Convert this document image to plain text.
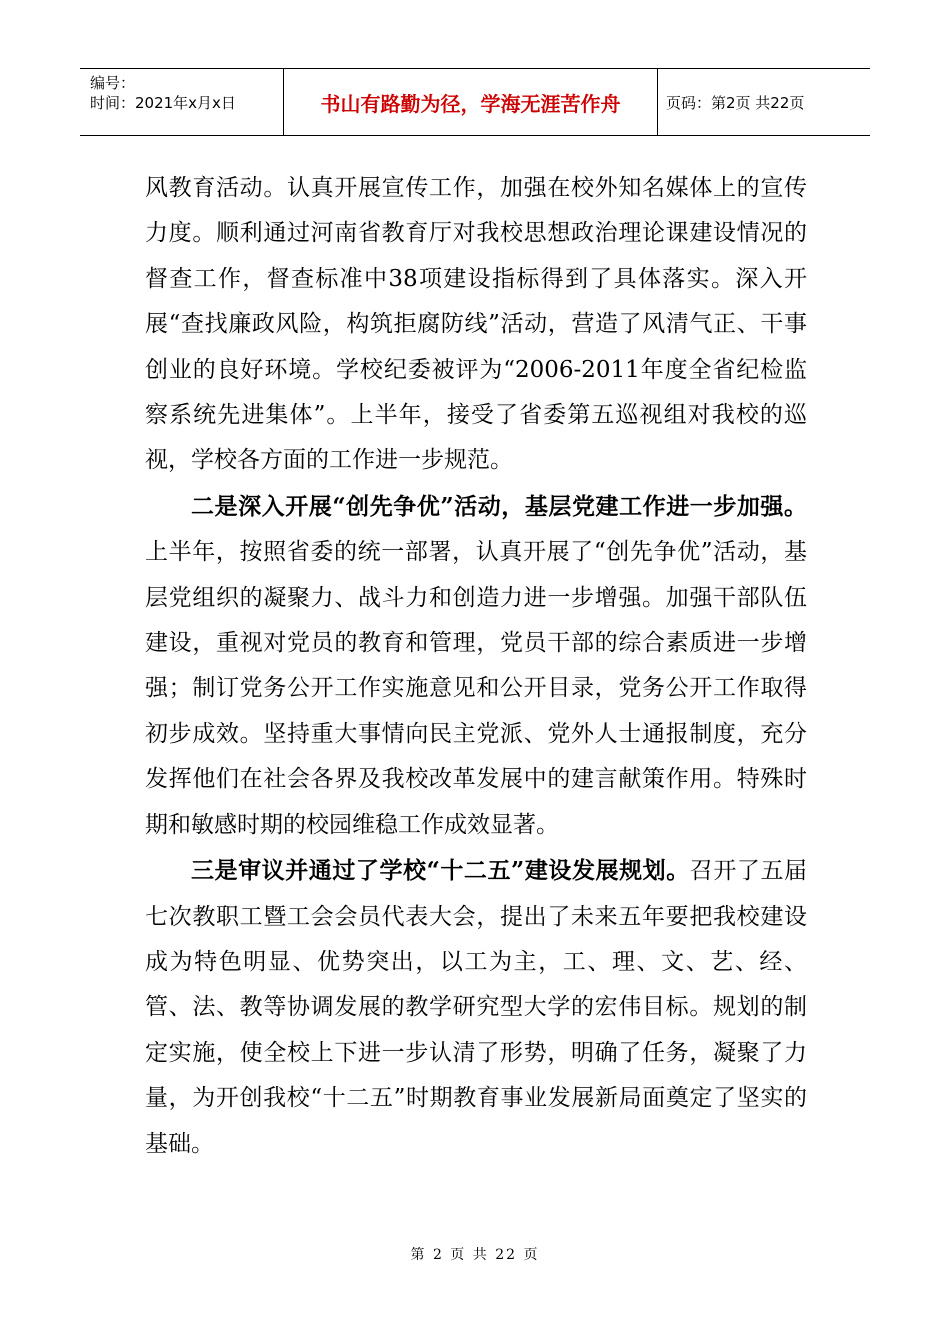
编号：
时间：2021年x月x日	书山有路勤为径，学海无涯苦作舟	页码：第2页 共22页

风教育活动。认真开展宣传工作，加强在校外知名媒体上的宣传力度。顺利通过河南省教育厅对我校思想政治理论课建设情况的督查工作，督查标准中38项建设指标得到了具体落实。深入开展“查找廉政风险，构筑拒腐防线”活动，营造了风清气正、干事创业的良好环境。学校纪委被评为“2006-2011年度全省纪检监察系统先进集体”。上半年，接受了省委第五巡视组对我校的巡视，学校各方面的工作进一步规范。

二是深入开展“创先争优”活动，基层党建工作进一步加强。上半年，按照省委的统一部署，认真开展了“创先争优”活动，基层党组织的凝聚力、战斗力和创造力进一步增强。加强干部队伍建设，重视对党员的教育和管理，党员干部的综合素质进一步增强；制订党务公开工作实施意见和公开目录，党务公开工作取得初步成效。坚持重大事情向民主党派、党外人士通报制度，充分发挥他们在社会各界及我校改革发展中的建言献策作用。特殊时期和敏感时期的校园维稳工作成效显著。

三是审议并通过了学校“十二五”建设发展规划。召开了五届七次教职工暨工会会员代表大会，提出了未来五年要把我校建设成为特色明显、优势突出，以工为主，工、理、文、艺、经、管、法、教等协调发展的教学研究型大学的宏伟目标。规划的制定实施，使全校上下进一步认清了形势，明确了任务，凝聚了力量，为开创我校“十二五”时期教育事业发展新局面奠定了坚实的基础。

第 2 页 共 22 页
